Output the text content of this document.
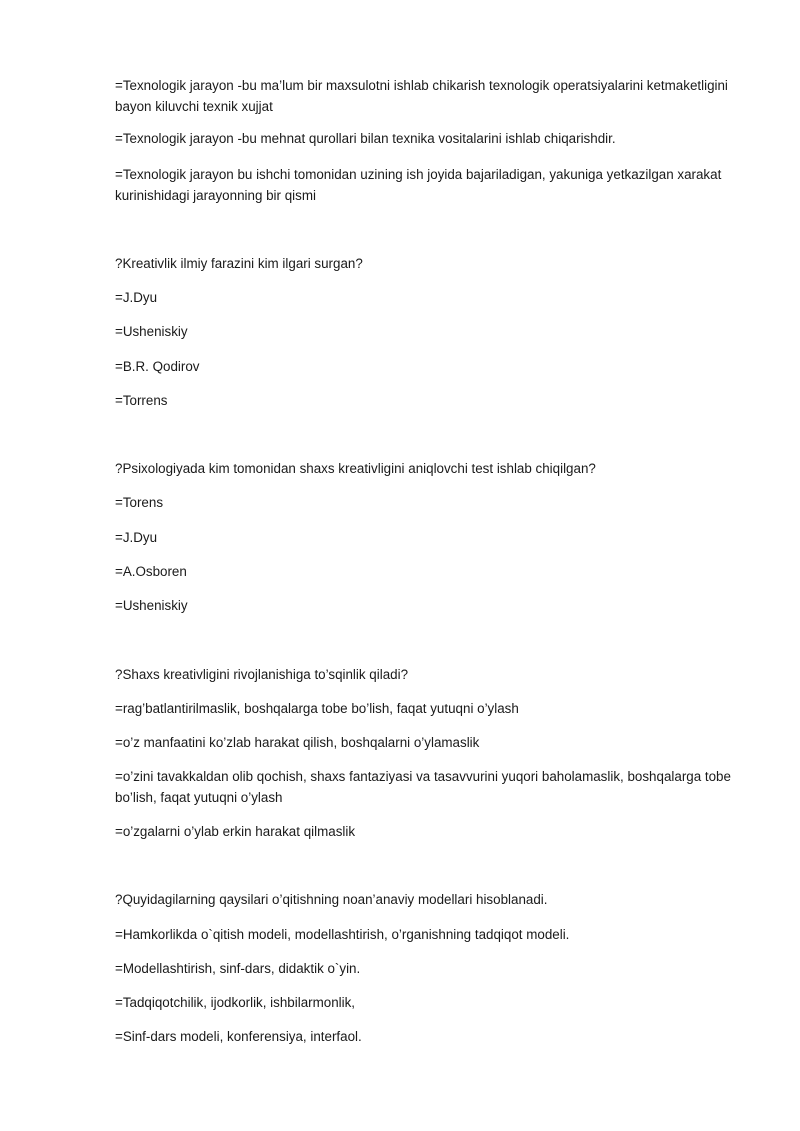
=Texnologik jarayon -bu ma’lum bir maxsulotni ishlab chikarish texnologik operatsiyalarini ketmaketligini bayon kiluvchi texnik xujjat
=Texnologik jarayon -bu mehnat qurollari bilan texnika vositalarini ishlab chiqarishdir.
=Texnologik jarayon bu ishchi tomonidan uzining ish joyida bajariladigan, yakuniga yetkazilgan xarakat kurinishidagi jarayonning bir qismi
?Kreativlik ilmiy farazini kim ilgari surgan?
=J.Dyu
=Usheniskiy
=B.R. Qodirov
=Torrens
?Psixologiyada kim tomonidan shaxs kreativligini aniqlovchi test ishlab chiqilgan?
=Torens
=J.Dyu
=A.Osboren
=Usheniskiy
?Shaxs kreativligini rivojlanishiga to’sqinlik qiladi?
=rag’batlantirilmaslik, boshqalarga tobe bo’lish, faqat yutuqni o’ylash
=o’z manfaatini ko’zlab harakat qilish, boshqalarni o’ylamaslik
=o’zini tavakkaldan olib qochish, shaxs fantaziyasi va tasavvurini yuqori baholamaslik, boshqalarga tobe bo’lish, faqat yutuqni o’ylash
=o’zgalarni o’ylab erkin harakat qilmaslik
?Quyidagilarning qaysilari o’qitishning noan’anaviy modellari hisoblanadi.
=Hamkorlikda o`qitish modeli, modellashtirish, o’rganishning tadqiqot modeli.
=Modellashtirish, sinf-dars, didaktik o`yin.
=Tadqiqotchilik, ijodkorlik, ishbilarmonlik,
=Sinf-dars modeli, konferensiya, interfaol.
